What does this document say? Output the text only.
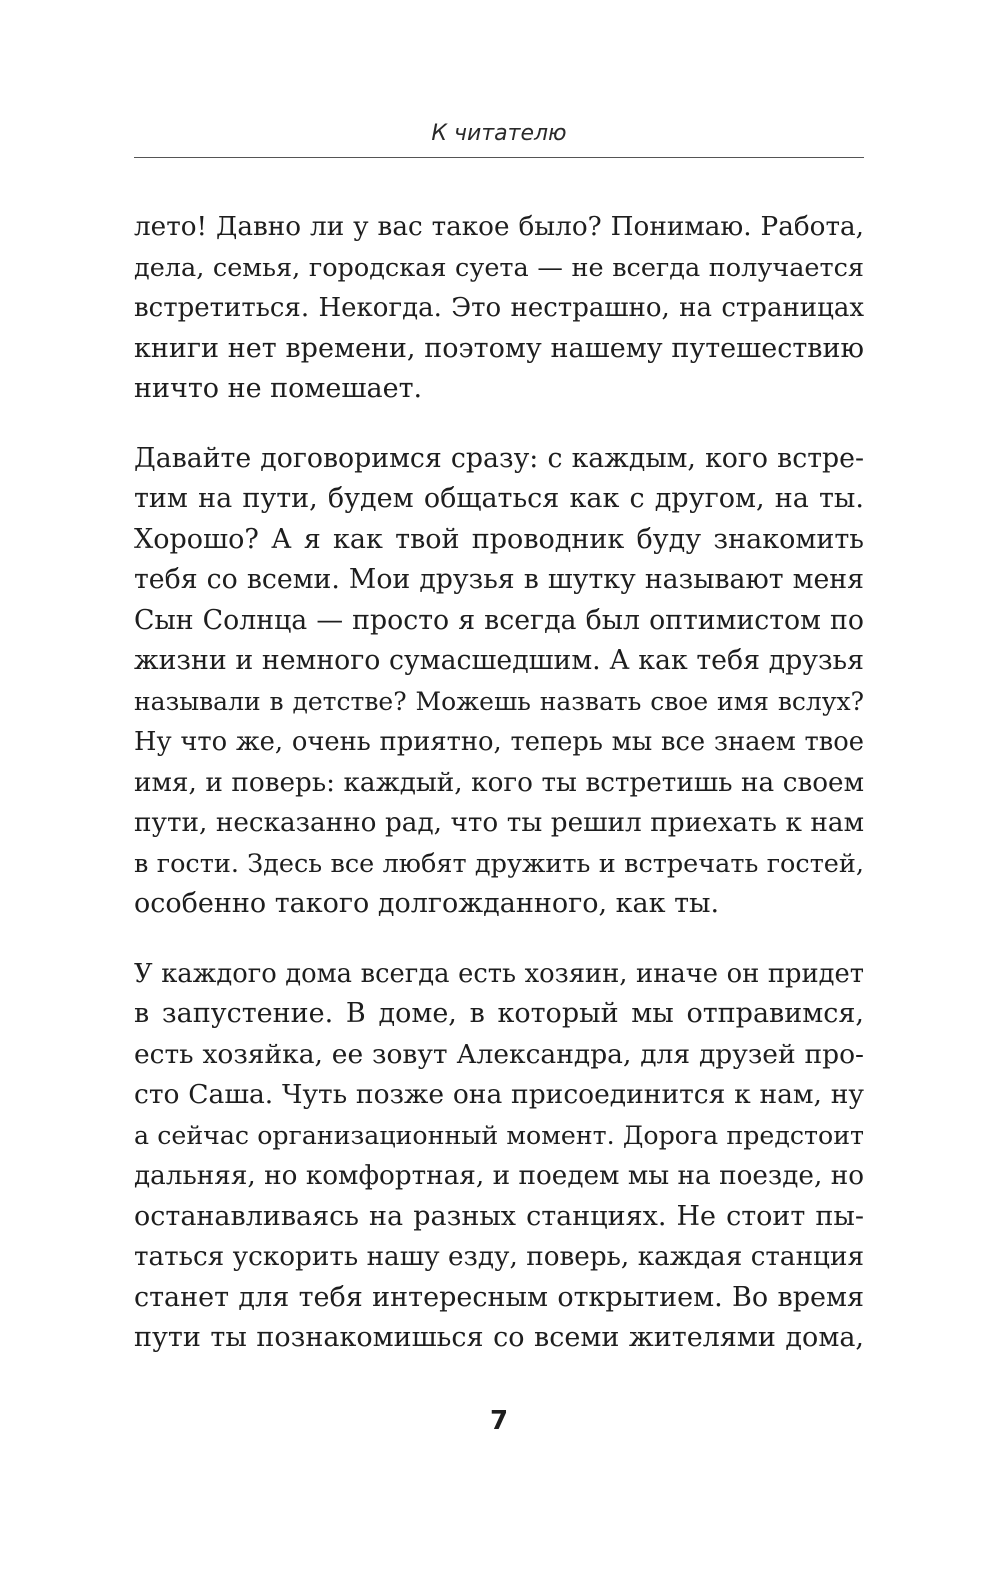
К читателю
лето! Давно ли у вас такое было? Понимаю. Работа,
дела, семья, городская суета — не всегда получается
встретиться. Некогда. Это нестрашно, на страницах
книги нет времени, поэтому нашему путешествию
ничто не помешает.
Давайте договоримся сразу: с каждым, кого встре-
тим на пути, будем общаться как с другом, на ты.
Хорошо? А я как твой проводник буду знакомить
тебя со всеми. Мои друзья в шутку называют меня
Сын Солнца — просто я всегда был оптимистом по
жизни и немного сумасшедшим. А как тебя друзья
называли в детстве? Можешь назвать свое имя вслух?
Ну что же, очень приятно, теперь мы все знаем твое
имя, и поверь: каждый, кого ты встретишь на своем
пути, несказанно рад, что ты решил приехать к нам
в гости. Здесь все любят дружить и встречать гостей,
особенно такого долгожданного, как ты.
У каждого дома всегда есть хозяин, иначе он придет
в запустение. В доме, в который мы отправимся,
есть хозяйка, ее зовут Александра, для друзей про-
сто Саша. Чуть позже она присоединится к нам, ну
а сейчас организационный момент. Дорога предстоит
дальняя, но комфортная, и поедем мы на поезде, но
останавливаясь на разных станциях. Не стоит пы-
таться ускорить нашу езду, поверь, каждая станция
станет для тебя интересным открытием. Во время
пути ты познакомишься со всеми жителями дома,
7
